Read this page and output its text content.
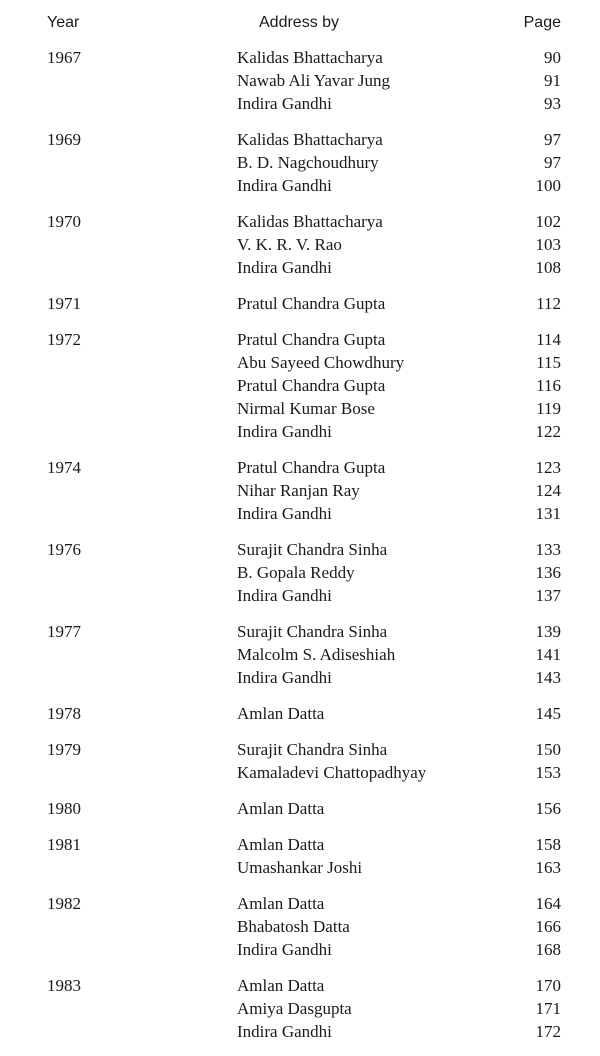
Year	Address by	Page
1967	Kalidas Bhattacharya	90
Nawab Ali Yavar Jung	91
Indira Gandhi	93
1969	Kalidas Bhattacharya	97
B. D. Nagchoudhury	97
Indira Gandhi	100
1970	Kalidas Bhattacharya	102
V. K. R. V. Rao	103
Indira Gandhi	108
1971	Pratul Chandra Gupta	112
1972	Pratul Chandra Gupta	114
Abu Sayeed Chowdhury	115
Pratul Chandra Gupta	116
Nirmal Kumar Bose	119
Indira Gandhi	122
1974	Pratul Chandra Gupta	123
Nihar Ranjan Ray	124
Indira Gandhi	131
1976	Surajit Chandra Sinha	133
B. Gopala Reddy	136
Indira Gandhi	137
1977	Surajit Chandra Sinha	139
Malcolm S. Adiseshiah	141
Indira Gandhi	143
1978	Amlan Datta	145
1979	Surajit Chandra Sinha	150
Kamaladevi Chattopadhyay	153
1980	Amlan Datta	156
1981	Amlan Datta	158
Umashankar Joshi	163
1982	Amlan Datta	164
Bhabatosh Datta	166
Indira Gandhi	168
1983	Amlan Datta	170
Amiya Dasgupta	171
Indira Gandhi	172
